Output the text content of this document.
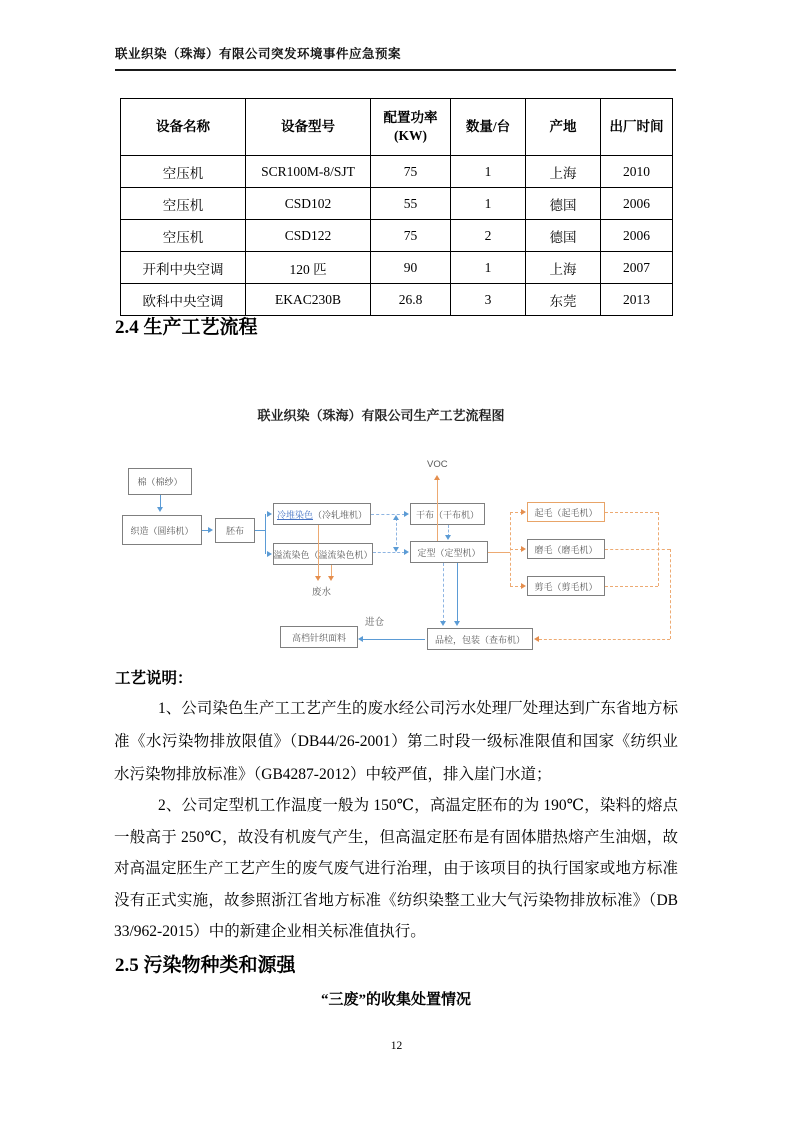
联业织染（珠海）有限公司突发环境事件应急预案
设备名称	设备型号	配置功率 (KW)	数量/台	产地	出厂时间
空压机	SCR100M-8/SJT	75	1	上海	2010
空压机	CSD102	55	1	德国	2006
空压机	CSD122	75	2	德国	2006
开利中央空调	120 匹	90	1	上海	2007
欧科中央空调	EKAC230B	26.8	3	东莞	2013
2.4 生产工艺流程
联业织染（珠海）有限公司生产工艺流程图
棉（棉纱）
织造（圆纬机）	胚布
冷堆染色 （冷轧堆机）
溢流染色（溢流染色机）
干布（干布机）
定型（定型机）
起毛（起毛机）
磨毛（磨毛机）
剪毛（剪毛机）
高档针织面料	品检，包装（查布机）
VOC
废水
进仓
工艺说明：
1、公司染色生产工工艺产生的废水经公司污水处理厂处理达到广东省地方标准《水污染物排放限值》（DB44/26-2001）第二时段一级标准限值和国家《纺织业水污染物排放标准》（GB4287-2012）中较严值，排入崖门水道；
2、公司定型机工作温度一般为 150℃，高温定胚布的为 190℃，染料的熔点一般高于 250℃，故没有机废气产生，但高温定胚布是有固体腊热熔产生油烟，故对高温定胚生产工艺产生的废气废气进行治理，由于该项目的执行国家或地方标准没有正式实施，故参照浙江省地方标准《纺织染整工业大气污染物排放标准》（DB 33/962-2015）中的新建企业相关标准值执行。
2.5 污染物种类和源强
“三废”的收集处置情况
12
